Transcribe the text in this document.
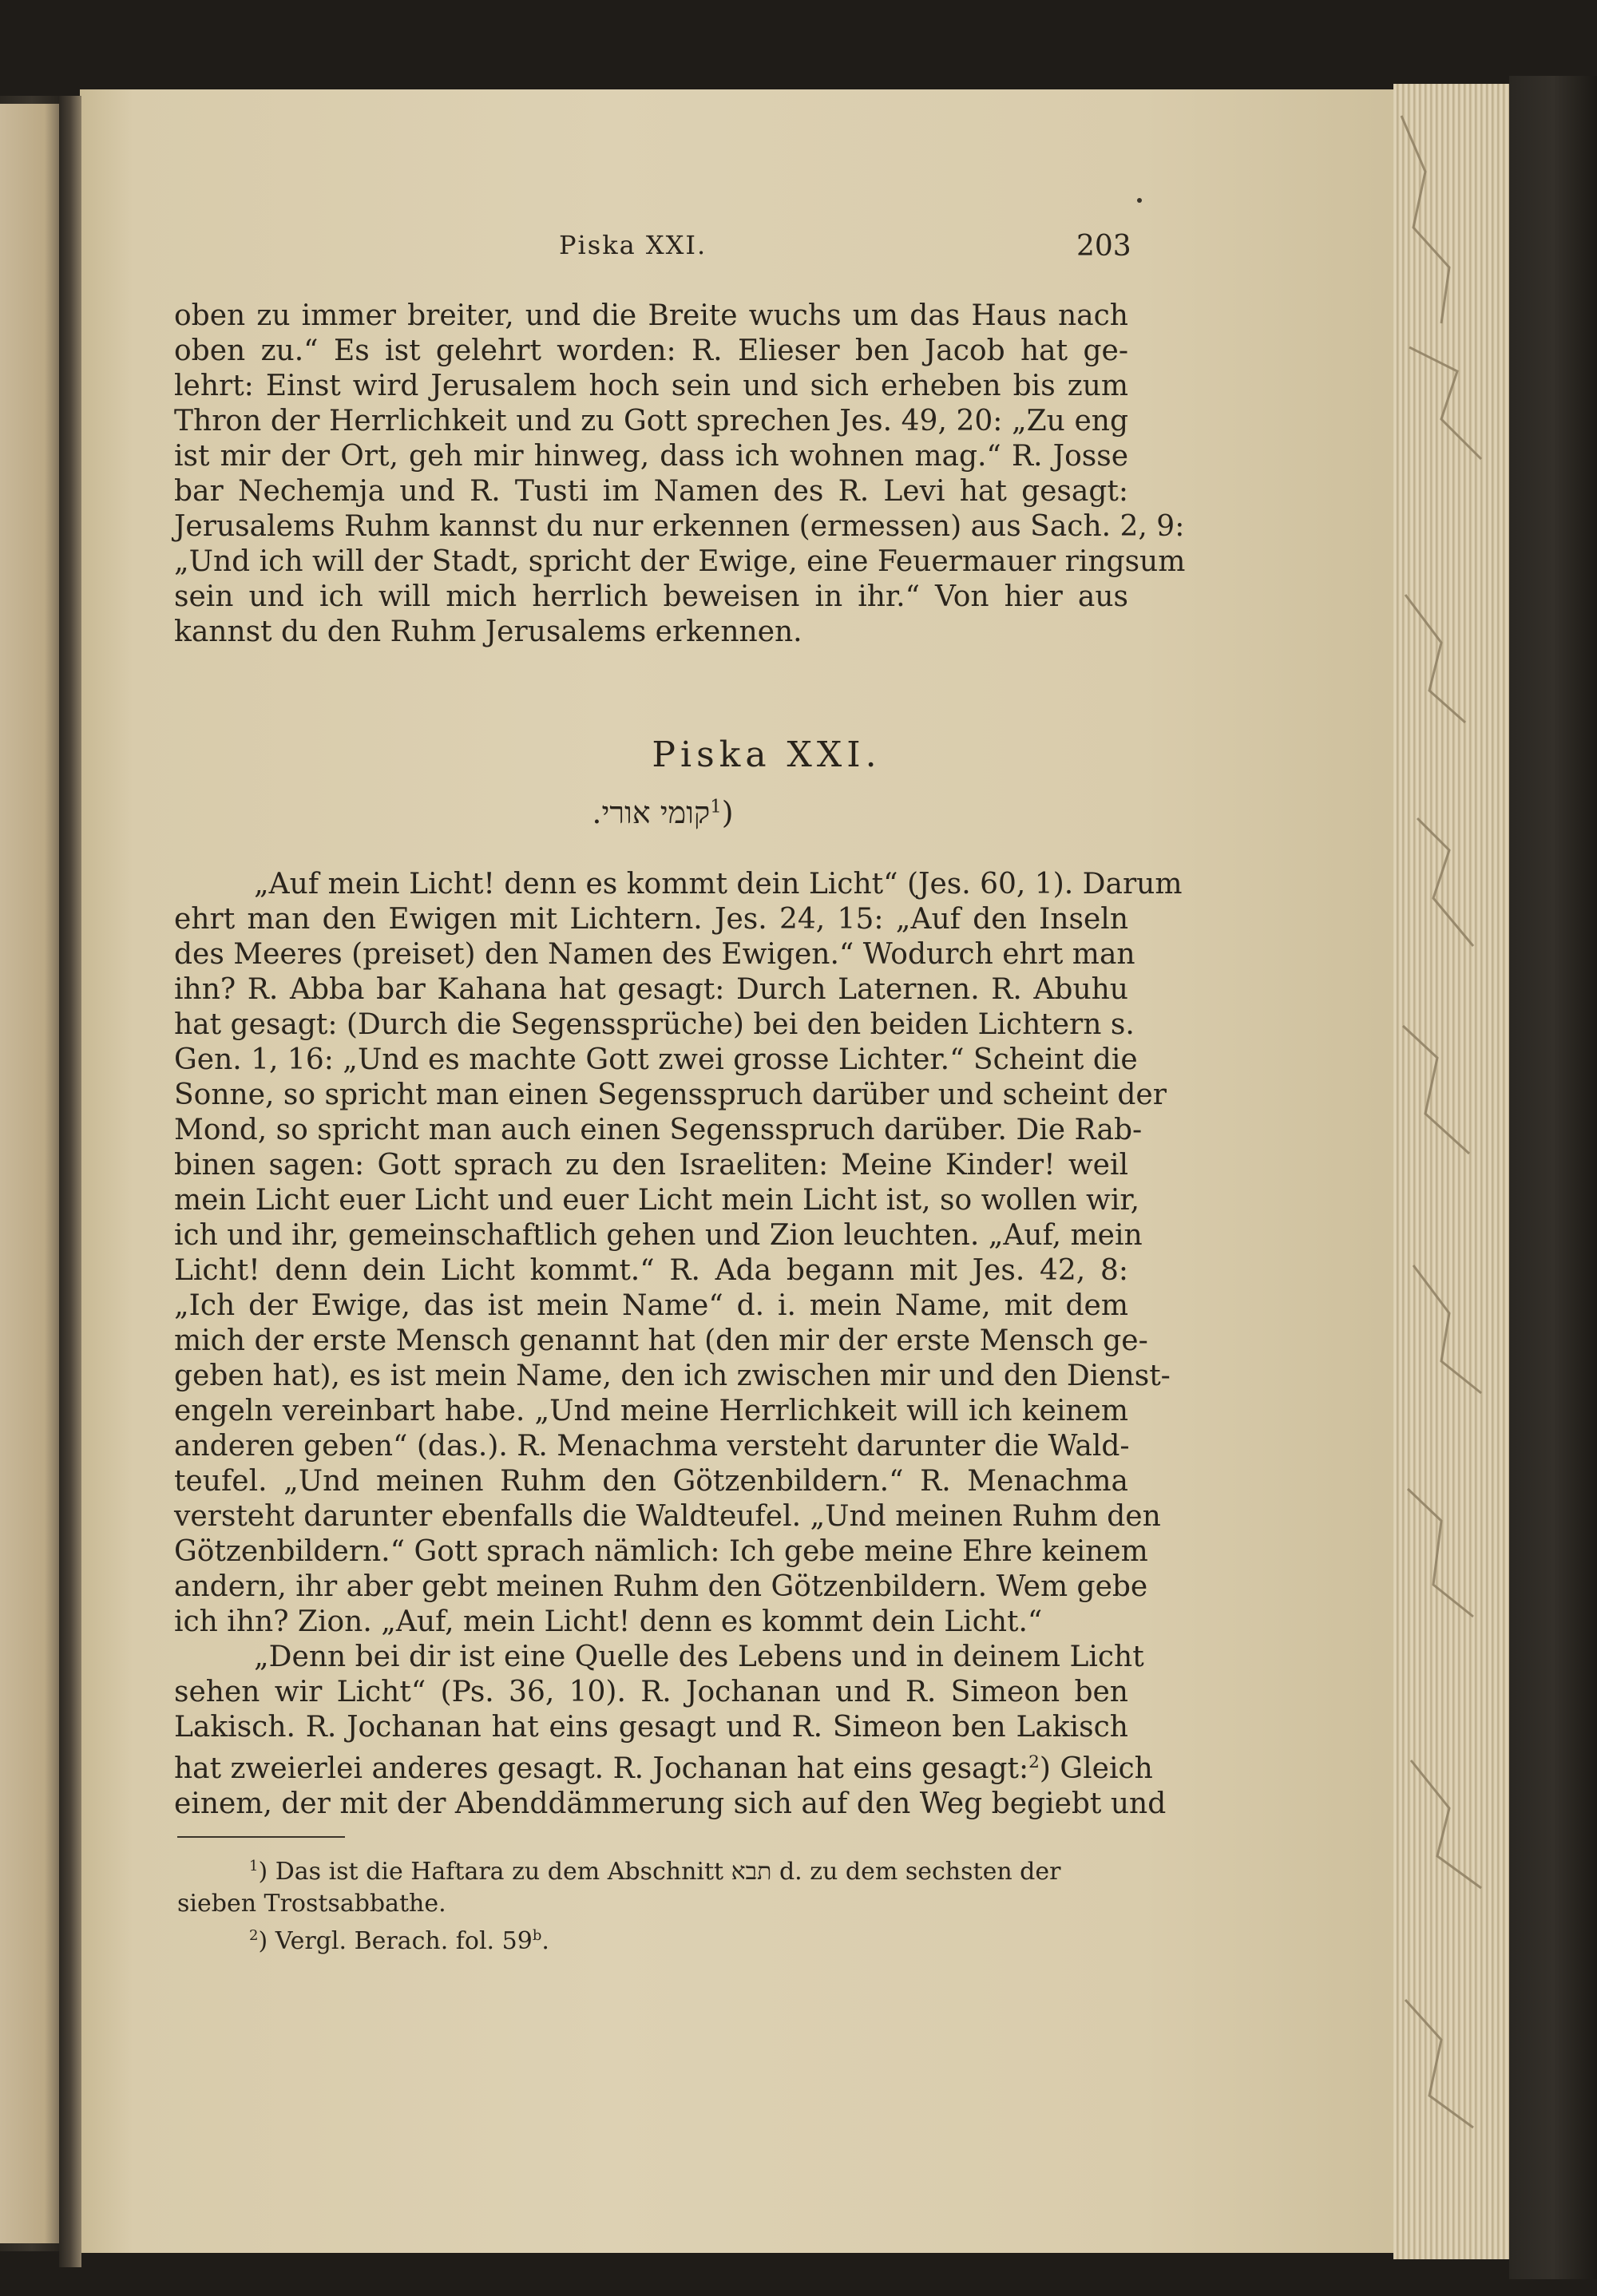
Piska XXI.	203
oben zu immer breiter, und die Breite wuchs um das Haus nach
oben zu.“ Es ist gelehrt worden: R. Elieser ben Jacob hat ge-
lehrt: Einst wird Jerusalem hoch sein und sich erheben bis zum
Thron der Herrlichkeit und zu Gott sprechen Jes. 49, 20: „Zu eng
ist mir der Ort, geh mir hinweg, dass ich wohnen mag.“ R. Josse
bar Nechemja und R. Tusti im Namen des R. Levi hat gesagt:
Jerusalems Ruhm kannst du nur erkennen (ermessen) aus Sach. 2, 9:
„Und ich will der Stadt, spricht der Ewige, eine Feuermauer ringsum
sein und ich will mich herrlich beweisen in ihr.“ Von hier aus
kannst du den Ruhm Jerusalems erkennen.
Piska XXI.
קומי אורי.$^1$)
„Auf mein Licht! denn es kommt dein Licht“ (Jes. 60, 1). Darum
ehrt man den Ewigen mit Lichtern. Jes. 24, 15: „Auf den Inseln
des Meeres (preiset) den Namen des Ewigen.“ Wodurch ehrt man
ihn? R. Abba bar Kahana hat gesagt: Durch Laternen. R. Abuhu
hat gesagt: (Durch die Segenssprüche) bei den beiden Lichtern s.
Gen. 1, 16: „Und es machte Gott zwei grosse Lichter.“ Scheint die
Sonne, so spricht man einen Segensspruch darüber und scheint der
Mond, so spricht man auch einen Segensspruch darüber. Die Rab-
binen sagen: Gott sprach zu den Israeliten: Meine Kinder! weil
mein Licht euer Licht und euer Licht mein Licht ist, so wollen wir,
ich und ihr, gemeinschaftlich gehen und Zion leuchten. „Auf, mein
Licht! denn dein Licht kommt.“ R. Ada begann mit Jes. 42, 8:
„Ich der Ewige, das ist mein Name“ d. i. mein Name, mit dem
mich der erste Mensch genannt hat (den mir der erste Mensch ge-
geben hat), es ist mein Name, den ich zwischen mir und den Dienst-
engeln vereinbart habe. „Und meine Herrlichkeit will ich keinem
anderen geben“ (das.). R. Menachma versteht darunter die Wald-
teufel. „Und meinen Ruhm den Götzenbildern.“ R. Menachma
versteht darunter ebenfalls die Waldteufel. „Und meinen Ruhm den
Götzenbildern.“ Gott sprach nämlich: Ich gebe meine Ehre keinem
andern, ihr aber gebt meinen Ruhm den Götzenbildern. Wem gebe
ich ihn? Zion. „Auf, mein Licht! denn es kommt dein Licht.“
„Denn bei dir ist eine Quelle des Lebens und in deinem Licht
sehen wir Licht“ (Ps. 36, 10). R. Jochanan und R. Simeon ben
Lakisch. R. Jochanan hat eins gesagt und R. Simeon ben Lakisch
hat zweierlei anderes gesagt. R. Jochanan hat eins gesagt:$^2$) Gleich
einem, der mit der Abenddämmerung sich auf den Weg begiebt und
$^1$) Das ist die Haftara zu dem Abschnitt תבא d. zu dem sechsten der
sieben Trostsabbathe.
$^2$) Vergl. Berach. fol. 59$^b$.
